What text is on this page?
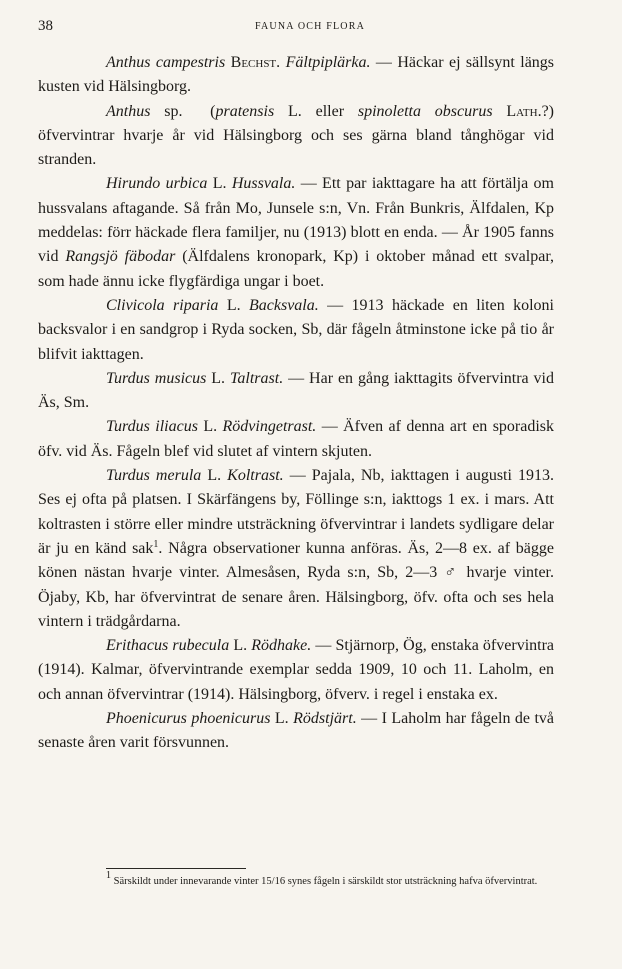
38	FAUNA OCH FLORA

Anthus campestris Bechst. Fältpiplärka. — Häckar ej sällsynt längs kusten vid Hälsingborg.

Anthus sp. (pratensis L. eller spinoletta obscurus Lath.?) öfvervintrar hvarje år vid Hälsingborg och ses gärna bland tånghögar vid stranden.

Hirundo urbica L. Hussvala. — Ett par iakttagare ha att förtälja om hussvalans aftagande. Så från Mo, Junsele s:n, Vn. Från Bunkris, Älfdalen, Kp meddelas: förr häckade flera familjer, nu (1913) blott en enda. — År 1905 fanns vid Rangsjö fäbodar (Älfdalens kronopark, Kp) i oktober månad ett svalpar, som hade ännu icke flygfärdiga ungar i boet.

Clivicola riparia L. Backsvala. — 1913 häckade en liten koloni backsvalor i en sandgrop i Ryda socken, Sb, där fågeln åtminstone icke på tio år blifvit iakttagen.

Turdus musicus L. Taltrast. — Har en gång iakttagits öfvervintra vid Äs, Sm.

Turdus iliacus L. Rödvingetrast. — Äfven af denna art en sporadisk öfv. vid Äs. Fågeln blef vid slutet af vintern skjuten.

Turdus merula L. Koltrast. — Pajala, Nb, iakttagen i augusti 1913. Ses ej ofta på platsen. I Skärfängens by, Föllinge s:n, iakttogs 1 ex. i mars. Att koltrasten i större eller mindre utsträckning öfvervintrar i landets sydligare delar är ju en känd sak$^1$. Några observationer kunna anföras. Äs, 2—8 ex. af bägge könen nästan hvarje vinter. Almesåsen, Ryda s:n, Sb, 2—3 ♂ hvarje vinter. Öjaby, Kb, har öfvervintrat de senare åren. Hälsingborg, öfv. ofta och ses hela vintern i trädgårdarna.

Erithacus rubecula L. Rödhake. — Stjärnorp, Ög, enstaka öfvervintra (1914). Kalmar, öfvervintrande exemplar sedda 1909, 10 och 11. Laholm, en och annan öfvervintrar (1914). Hälsingborg, öfverv. i regel i enstaka ex.

Phoenicurus phoenicurus L. Rödstjärt. — I Laholm har fågeln de två senaste åren varit försvunnen.

1 Särskildt under innevarande vinter 15/16 synes fågeln i särskildt stor utsträckning hafva öfvervintrat.
